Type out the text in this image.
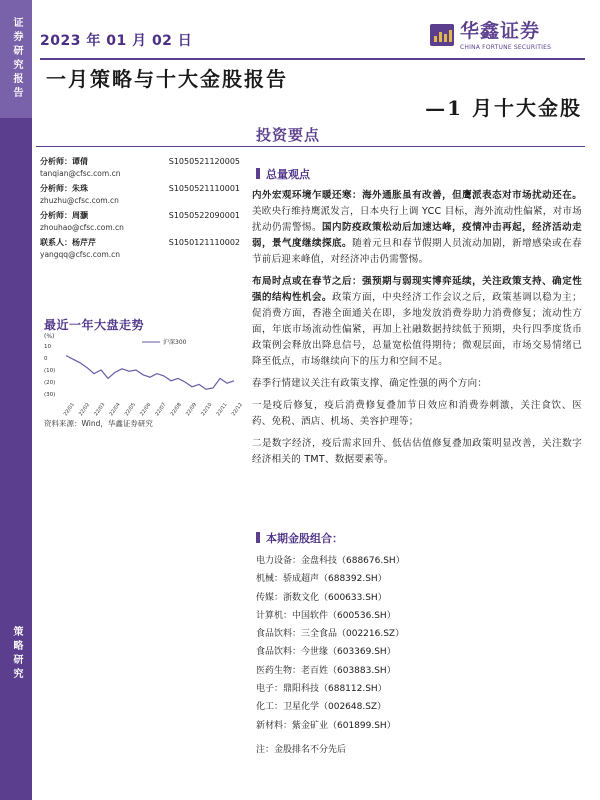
证券研究报告
策略研究
2023 年 01 月 02 日	华鑫证券
CHINA FORTUNE SECURITIES
一月策略与十大金股报告
—1 月十大金股
投资要点
分析师：谭倩	S1050521120005
tanqian@cfsc.com.cn
分析师：朱珠	S1050521110001
zhuzhu@cfsc.com.cn
分析师：周灏	S1050522090001
zhouhao@cfsc.com.cn
联系人：杨芹芹	S1050121110002
yangqq@cfsc.com.cn
最近一年大盘走势
(%)
沪深300
10
0
(10)
(20)
(30)
22/01 22/02 22/03 22/04 22/05 22/06 22/07 22/08 22/09 22/10 22/11 22/12
资料来源：Wind，华鑫证券研究
总量观点

内外宏观环境乍暖还寒：海外通胀虽有改善，但鹰派表态对市场扰动还在。美欧央行维持鹰派发言，日本央行上调 YCC 目标，海外流动性偏紧，对市场扰动仍需警惕。国内防疫政策松动后加速达峰，疫情冲击再起，经济活动走弱，景气度继续探底。随着元旦和春节假期人员流动加剧，新增感染或在春节前后迎来峰值，对经济冲击仍需警惕。

布局时点或在春节之后：强预期与弱现实博弈延续，关注政策支持、确定性强的结构性机会。政策方面，中央经济工作会议之后，政策基调以稳为主；促消费方面，香港全面通关在即，多地发放消费券助力消费修复；流动性方面，年底市场流动性偏紧，再加上社融数据持续低于预期，央行四季度货币政策例会释放出降息信号，总量宽松值得期待；微观层面，市场交易情绪已降至低点，市场继续向下的压力和空间不足。

春季行情建议关注有政策支撑、确定性强的两个方向：

一是疫后修复，疫后消费修复叠加节日效应和消费券刺激，关注食饮、医药、免税、酒店、机场、美容护理等；

二是数字经济，疫后需求回升、低估估值修复叠加政策明显改善，关注数字经济相关的 TMT、数据要素等。

本期金股组合：
电力设备：金盘科技（688676.SH）
机械：骄成超声（688392.SH）
传媒：浙数文化（600633.SH）
计算机：中国软件（600536.SH）
食品饮料：三全食品（002216.SZ）
食品饮料：今世缘（603369.SH）
医药生物：老百姓（603883.SH）
电子：鼎阳科技（688112.SH）
化工：卫星化学（002648.SZ）
新材料：紫金矿业（601899.SH）
注：金股排名不分先后
